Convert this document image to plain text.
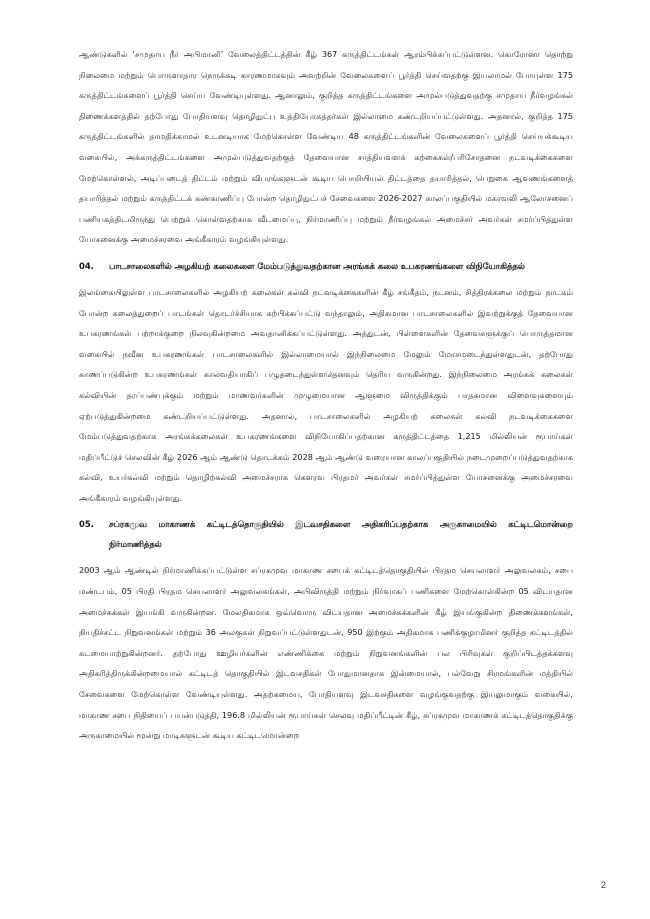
ஆண்டுகளில் ‘சமுதாய நீர் அபிமானி’ வேலைத்திட்டத்தின் கீழ் 367 கருத்திட்டங்கள் ஆரம்பிக்கப்பட்டுள்ளன. கொரோனா தொற்று நிலைமை மற்றும் பொருளாதார நெருக்கடி காரணமாகவும் அவற்றின் வேலைகளைப் பூர்த்தி செய்வதற்கு இயலாமல் போயுள்ள 175 கருத்திட்டங்களைப் பூர்த்தி செய்ய வேண்டியுள்ளது. ஆனாலும், குறித்த கருத்திட்டங்களை அமுல்படுத்துவதற்கு சமுதாய நீர்வழங்கல் திணைக்களத்தில் தற்போது போதியளவு தொழிநுட்ப உத்தியோகத்தர்கள் இல்லாமை கண்டறியப்பட்டுள்ளது. அதனால், குறித்த 175 கருத்திட்டங்களில் தாமதிக்காமல் உடனடியாக மேற்கொள்ள வேண்டிய 48 கருத்திட்டங்களின் வேலைகளைப் பூர்த்தி செய்யக்கூடிய வகையில், அக்கருத்திட்டங்களை அமுல்படுத்துவதற்குத் தேவையான சாத்தியவளக் கற்கைகள்/பரிசோதனை நடவடிக்கைகளை மேற்கொள்ளல், அடிப்படைத் திட்டம் மற்றும் விபரங்களுடன் கூடிய பொறியியல் திட்டத்தை தயாரித்தல், பெறுகை ஆவணங்களைத் தயாரித்தல் மற்றும் கருத்திட்டக் கண்காணிப்பு போன்ற தொழிநுட்பச் சேவைகளை 2026-2027 காலப்பகுதியில் மகாவலி ஆலோசனைப் பணியகத்திடமிருந்து பெற்றுக் கொள்வதற்காக வீடமைப்பு, நிர்மாணிப்பு மற்றும் நீர்வழங்கல் அமைச்சர் அவர்கள் சமர்ப்பித்துள்ள யோசனைக்கு அமைச்சரவை அங்கீகாரம் வழங்கியுள்ளது.

04.	பாடசாலைகளில் அழகியற் கலைகளை மேம்படுத்துவதற்கான அரங்கக் கலை உபகரணங்களை விநியோகித்தல்

இலங்கையிலுள்ள பாடசாலைகளில் அழகியற் கலைகள் கல்வி நடவடிக்கைகளின் கீழ் சங்கீதம், நடனம், சித்திரக்கலை மற்றும் நாடகம் போன்ற கலைத்துறைப் பாடங்கள் தொடர்ச்சியாக கற்பிக்கப்பட்டு வந்தாலும், அதிகமான பாடசாலைகளில் இவற்றுக்குத் தேவையான உபகரணங்கள் பற்றாக்குறை நிலவுகின்றமை அவதானிக்கப்பட்டுள்ளது. அத்துடன், பிள்ளைகளின் தேவைகளுக்குப் பொருத்தமான வகையில் நவீன உபகரணங்கள் பாடசாலைகளில் இல்லாமையால் இந்நிலைமை மேலும் மோசமடைந்துள்ளதுடன், தற்போது காணப்படுகின்ற உபகரணங்கள் காலவதியாகிப் பழுதடைந்துள்ளதெனவும் தெரிய வருகின்றது. இந்நிலைமை அரங்கக் கலைகள் கல்வியின் தரப்பண்புக்கும் மற்றும் மாணவர்களின் முழுமையான ஆளுமை விருத்திக்கும் பாதகமான விளைவுகளையும் ஏற்படுத்துகின்றமை கண்டறியப்பட்டுள்ளது. அதனால், பாடசாலைகளில் அழகியற் கலைகள் கல்வி நடவடிக்கைகளை மேம்படுத்துவதற்காக அரங்கக்கலைகள் உபகரணங்களை விநியோகிப்பதற்கான கருத்திட்டத்தை 1,215 மில்லியன் ரூபாய்கள் மதிப்பீட்டுச் செலவின் கீழ் 2026 ஆம் ஆண்டு தொடக்கம் 2028 ஆம் ஆண்டு வரையான காலப்பகுதியில் நடைமுறைப்படுத்துவதற்காக கல்வி, உயர்கல்வி மற்றும் தொழிற்கல்வி அமைச்சராக கௌரவ பிரதமர் அவர்கள் சமர்ப்பித்துள்ள யோசனைக்கு அமைச்சரவை அங்கீகாரம் வழங்கியுள்ளது.

05.	சப்ரகமுவ மாகாணக் கட்டிடத்தொகுதியில் இடவசதிகளை அதிகரிப்பதற்காக அருகாமையில் கட்டிடமொன்றை நிர்மாணித்தல்

2003 ஆம் ஆண்டில் நிர்மாணிக்கப்பட்டுள்ள சப்ரகமுவ மாகாண சபைக் கட்டிடத்தொகுதியில் பிரதம செயலாளர் அலுவலகம், சபை மண்டபம், 05 பிரதி பிரதம செயலாளர் அலுவலகங்கள், அபிவிருத்தி மற்றும் நிர்வாகப் பணிகளை மேற்கொள்கின்ற 05 விடயதான அமைச்சுக்கள் இயங்கி வருகின்றன. மேலதிகமாக ஒவ்வொரு விடயதான அமைச்சுக்களின் கீழ் இயங்குகின்ற திணைக்களங்கள், நியதிச்சட்ட நிறுவனங்கள் மற்றும் 36 அலகுகள் நிறுவப்பட்டுள்ளதுடன், 950 இற்கும் அதிகமாக பணிக்குழாமினர் குறித்த கட்டிடத்தில் கடமையாற்றுகின்றனர். தற்போது ஊழியர்களின் எண்ணிக்கை மற்றும் நிறுவனங்களின் பல பிரிவுகள் குறிப்பிடத்தக்களவு அதிகரித்திருக்கின்றமையால் கட்டிடத் தொகுதியில் இடவசதிகள் போதுமானதாக இன்மையால், பல்வேறு சிரமங்களின் மத்தியில் சேவைகளை மேற்கொள்ள வேண்டியுள்ளது. அதற்கமைய, போதியளவு இடவசதிகளை வழங்குவதற்கு இயலுமாகும் வகையில், மாகாண சபை நிதியைப் பயன்படுத்தி, 196.8 மில்லியன் ரூபாய்கள் செலவு மதிப்பீட்டின் கீழ், சப்ரகமுவ மாகாணக் கட்டிடத்தொகுதிக்கு அருகாமையில் மூன்று மாடிகளுடன் கூடிய கட்டிடமொன்றை

2
